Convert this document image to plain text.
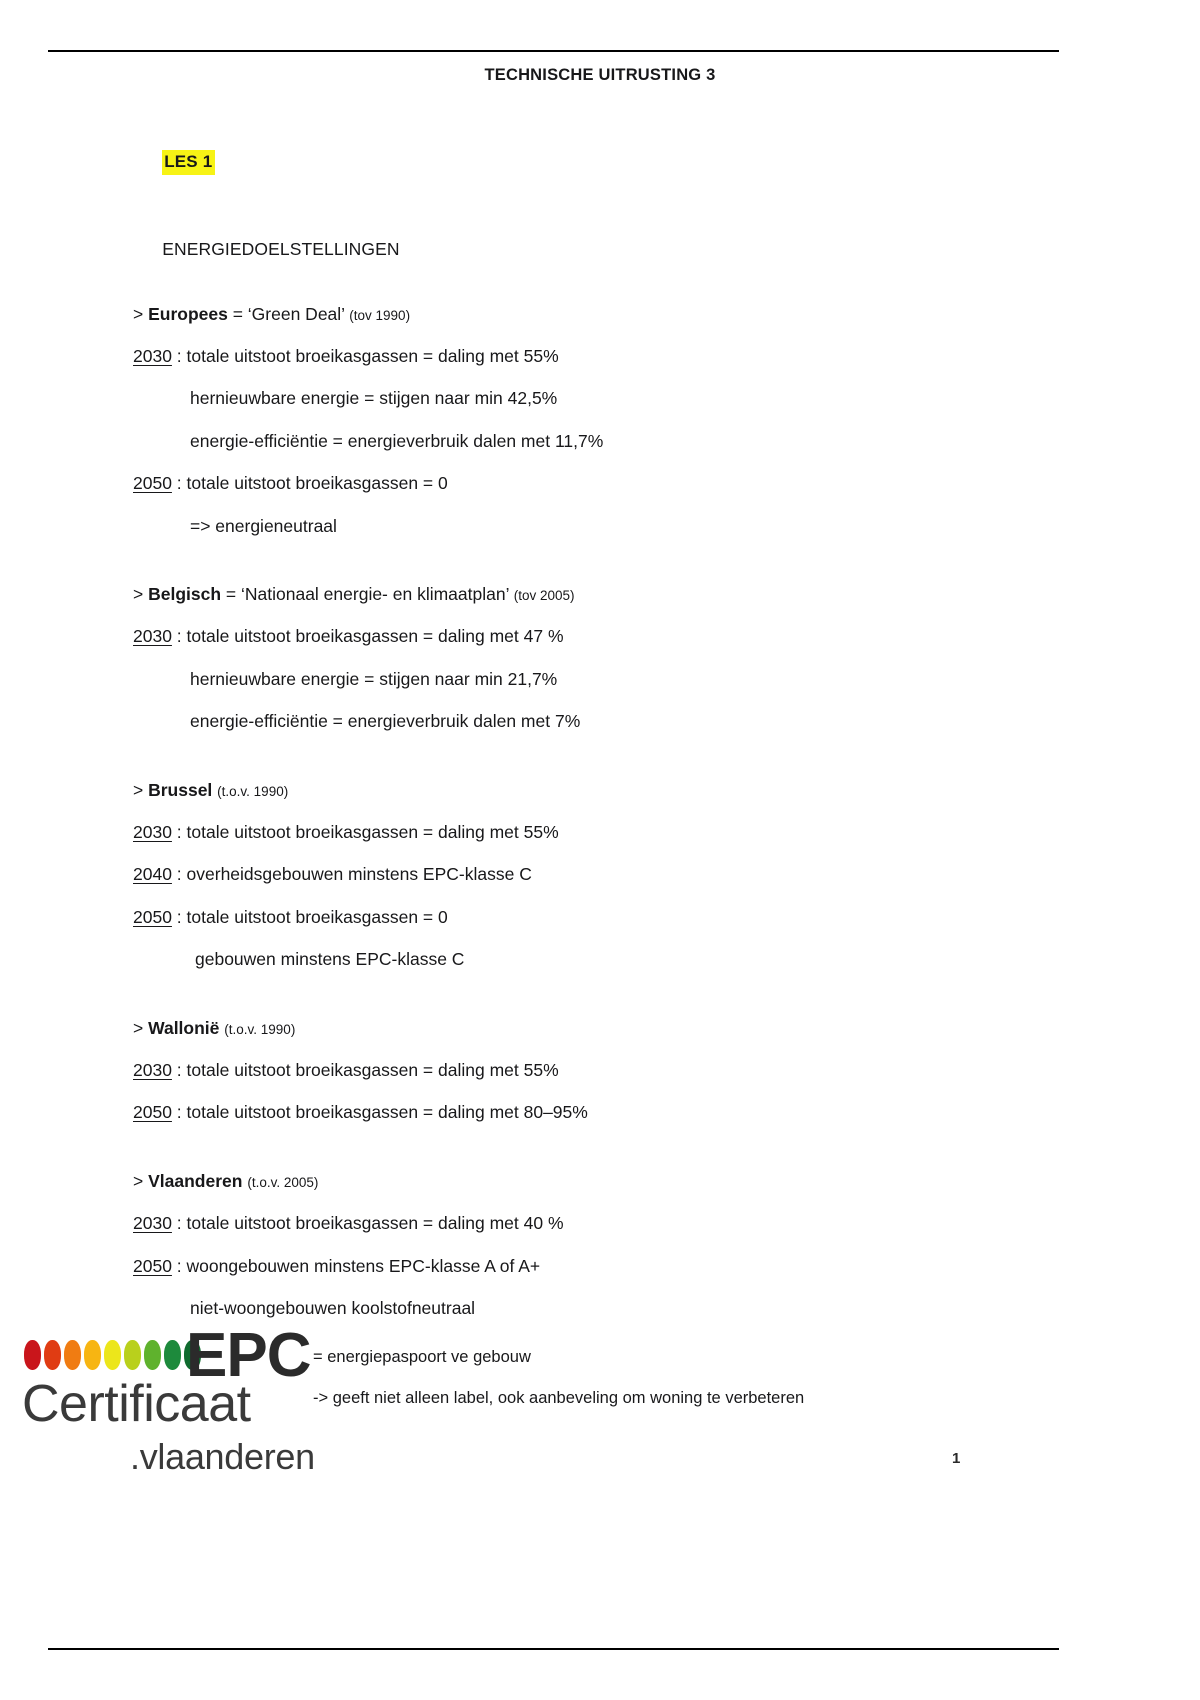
TECHNISCHE UITRUSTING 3

LES 1

ENERGIEDOELSTELLINGEN

> Europees = ‘Green Deal’ (tov 1990)
2030 : totale uitstoot broeikasgassen = daling met 55%
hernieuwbare energie = stijgen naar min 42,5%
energie-efficiëntie = energieverbruik dalen met 11,7%
2050 : totale uitstoot broeikasgassen = 0
=> energieneutraal
> Belgisch = ‘Nationaal energie- en klimaatplan’ (tov 2005)
2030 : totale uitstoot broeikasgassen = daling met 47 %
hernieuwbare energie = stijgen naar min 21,7%
energie-efficiëntie = energieverbruik dalen met 7%
> Brussel (t.o.v. 1990)
2030 : totale uitstoot broeikasgassen = daling met 55%
2040 : overheidsgebouwen minstens EPC-klasse C
2050 : totale uitstoot broeikasgassen = 0
gebouwen minstens EPC-klasse C
> Wallonië (t.o.v. 1990)
2030 : totale uitstoot broeikasgassen = daling met 55%
2050 : totale uitstoot broeikasgassen = daling met 80–95%
> Vlaanderen (t.o.v. 2005)
2030 : totale uitstoot broeikasgassen = daling met 40 %
2050 : woongebouwen minstens EPC-klasse A of A+
niet-woongebouwen koolstofneutraal
EPC
Certificaat
.vlaanderen
= energiepaspoort ve gebouw
-> geeft niet alleen label, ook aanbeveling om woning te verbeteren
1
